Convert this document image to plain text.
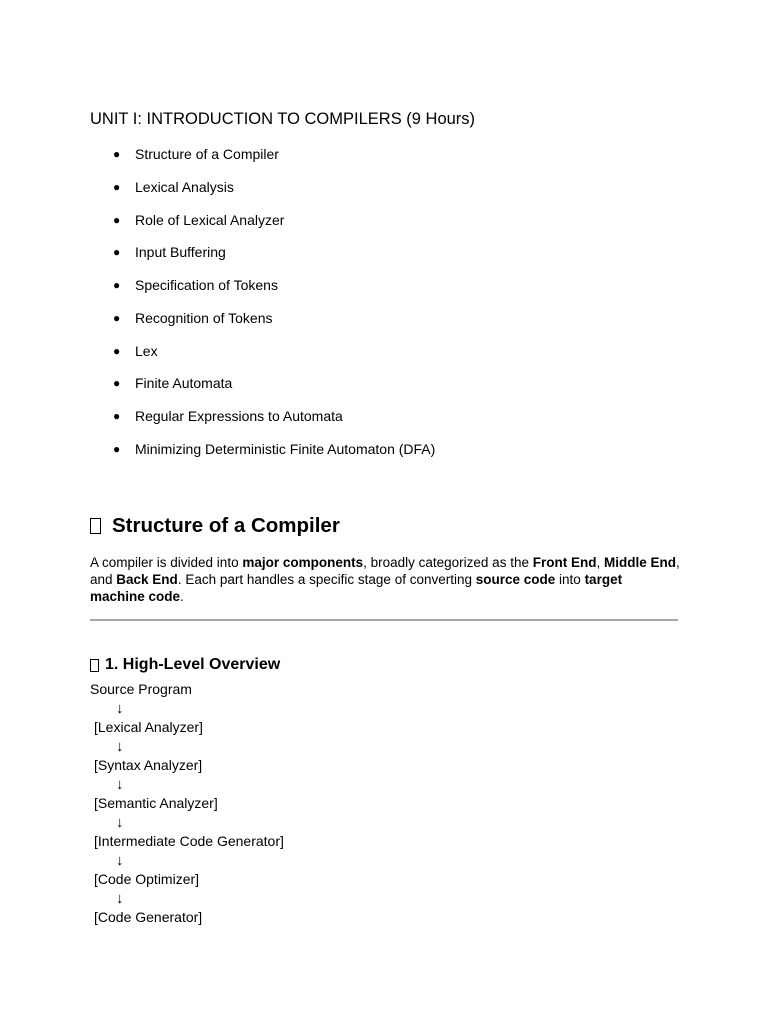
UNIT I: INTRODUCTION TO COMPILERS (9 Hours)
●	Structure of a Compiler
●	Lexical Analysis
●	Role of Lexical Analyzer
●	Input Buffering
●	Specification of Tokens
●	Recognition of Tokens
●	Lex
●	Finite Automata
●	Regular Expressions to Automata
●	Minimizing Deterministic Finite Automaton (DFA)
Structure of a Compiler

A compiler is divided into major components, broadly categorized as the Front End, Middle End, and Back End. Each part handles a specific stage of converting source code into target machine code.

1. High-Level Overview
Source Program
↓
[Lexical Analyzer]
↓
[Syntax Analyzer]
↓
[Semantic Analyzer]
↓
[Intermediate Code Generator]
↓
[Code Optimizer]
↓
[Code Generator]
